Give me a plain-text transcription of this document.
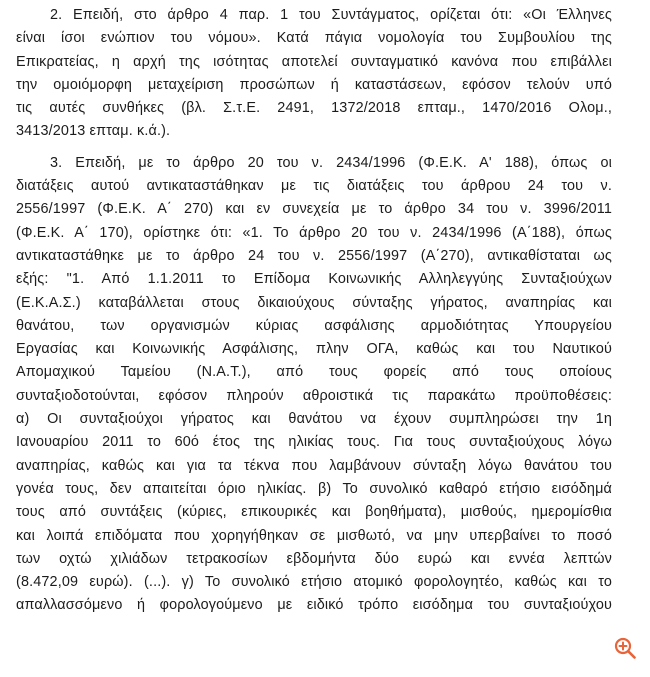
2. Επειδή, στο άρθρο 4 παρ. 1 του Συντάγματος, ορίζεται ότι: «Οι Έλληνες
είναι ίσοι ενώπιον του νόμου». Κατά πάγια νομολογία του Συμβουλίου της
Επικρατείας, η αρχή της ισότητας αποτελεί συνταγματικό κανόνα που επιβάλλει
την ομοιόμορφη μεταχείριση προσώπων ή καταστάσεων, εφόσον τελούν υπό
τις αυτές συνθήκες (βλ. Σ.τ.Ε. 2491, 1372/2018 επταμ., 1470/2016 Ολομ.,
3413/2013 επταμ. κ.ά.).
3. Επειδή, με το άρθρο 20 του ν. 2434/1996 (Φ.Ε.Κ. Α' 188), όπως οι
διατάξεις αυτού αντικαταστάθηκαν με τις διατάξεις του άρθρου 24 του ν.
2556/1997 (Φ.Ε.Κ. Α΄ 270) και εν συνεχεία με το άρθρο 34 του ν. 3996/2011
(Φ.Ε.Κ. Α΄ 170), ορίστηκε ότι: «1. Το άρθρο 20 του ν. 2434/1996 (Α΄188), όπως
αντικαταστάθηκε με το άρθρο 24 του ν. 2556/1997 (Α΄270), αντικαθίσταται ως
εξής: "1. Από 1.1.2011 το Επίδομα Κοινωνικής Αλληλεγγύης Συνταξιούχων
(Ε.Κ.Α.Σ.) καταβάλλεται στους δικαιούχους σύνταξης γήρατος, αναπηρίας και
θανάτου, των οργανισμών κύριας ασφάλισης αρμοδιότητας Υπουργείου
Εργασίας και Κοινωνικής Ασφάλισης, πλην ΟΓΑ, καθώς και του Ναυτικού
Απομαχικού Ταμείου (Ν.Α.Τ.), από τους φορείς από τους οποίους
συνταξιοδοτούνται, εφόσον πληρούν αθροιστικά τις παρακάτω προϋποθέσεις:
α) Οι συνταξιούχοι γήρατος και θανάτου να έχουν συμπληρώσει την 1η
Ιανουαρίου 2011 το 60ό έτος της ηλικίας τους. Για τους συνταξιούχους λόγω
αναπηρίας, καθώς και για τα τέκνα που λαμβάνουν σύνταξη λόγω θανάτου του
γονέα τους, δεν απαιτείται όριο ηλικίας. β) Το συνολικό καθαρό ετήσιο εισόδημά
τους από συντάξεις (κύριες, επικουρικές και βοηθήματα), μισθούς, ημερομίσθια
και λοιπά επιδόματα που χορηγήθηκαν σε μισθωτό, να μην υπερβαίνει το ποσό
των οχτώ χιλιάδων τετρακοσίων εβδομήντα δύο ευρώ και εννέα λεπτών
(8.472,09 ευρώ). (...). γ) Το συνολικό ετήσιο ατομικό φορολογητέο, καθώς και το
απαλλασσόμενο ή φορολογούμενο με ειδικό τρόπο εισόδημα του συνταξιούχου
